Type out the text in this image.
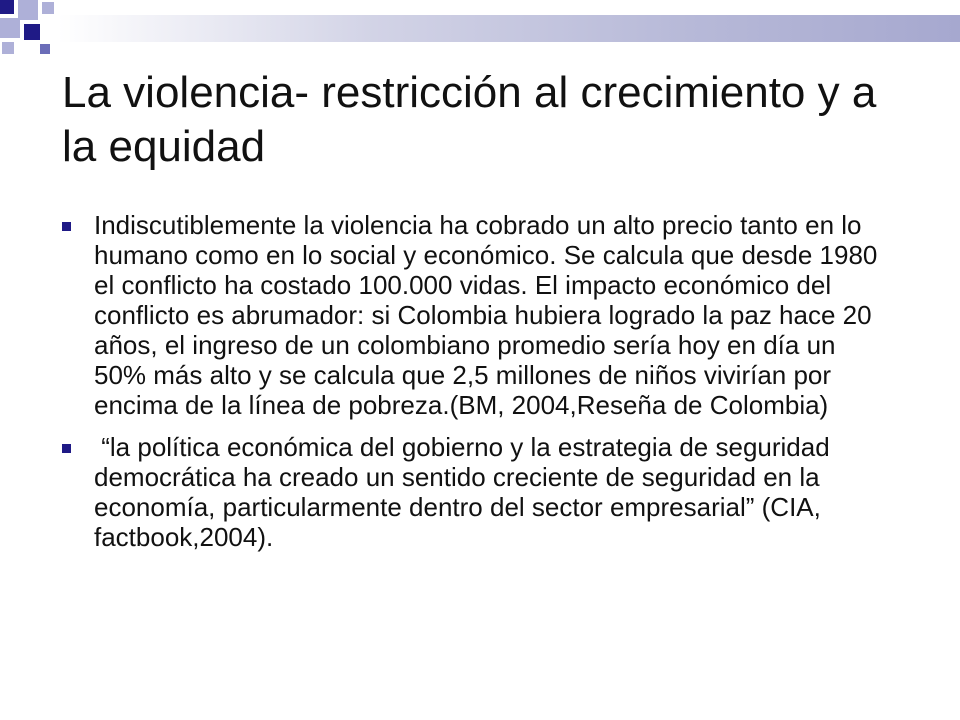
La violencia- restricción al crecimiento y a la equidad
Indiscutiblemente la violencia ha cobrado un alto precio tanto en lo humano como en lo social y económico. Se calcula que desde 1980 el conflicto ha costado 100.000 vidas. El impacto económico del conflicto es abrumador: si Colombia hubiera logrado la paz hace 20 años, el ingreso de un colombiano promedio sería hoy en día un 50% más alto y se calcula que 2,5 millones de niños vivirían por encima de la línea de pobreza.(BM, 2004,Reseña de Colombia)
“la política económica del gobierno y la estrategia de seguridad democrática ha creado un sentido creciente de seguridad en la economía, particularmente dentro del sector empresarial” (CIA,  factbook,2004).
